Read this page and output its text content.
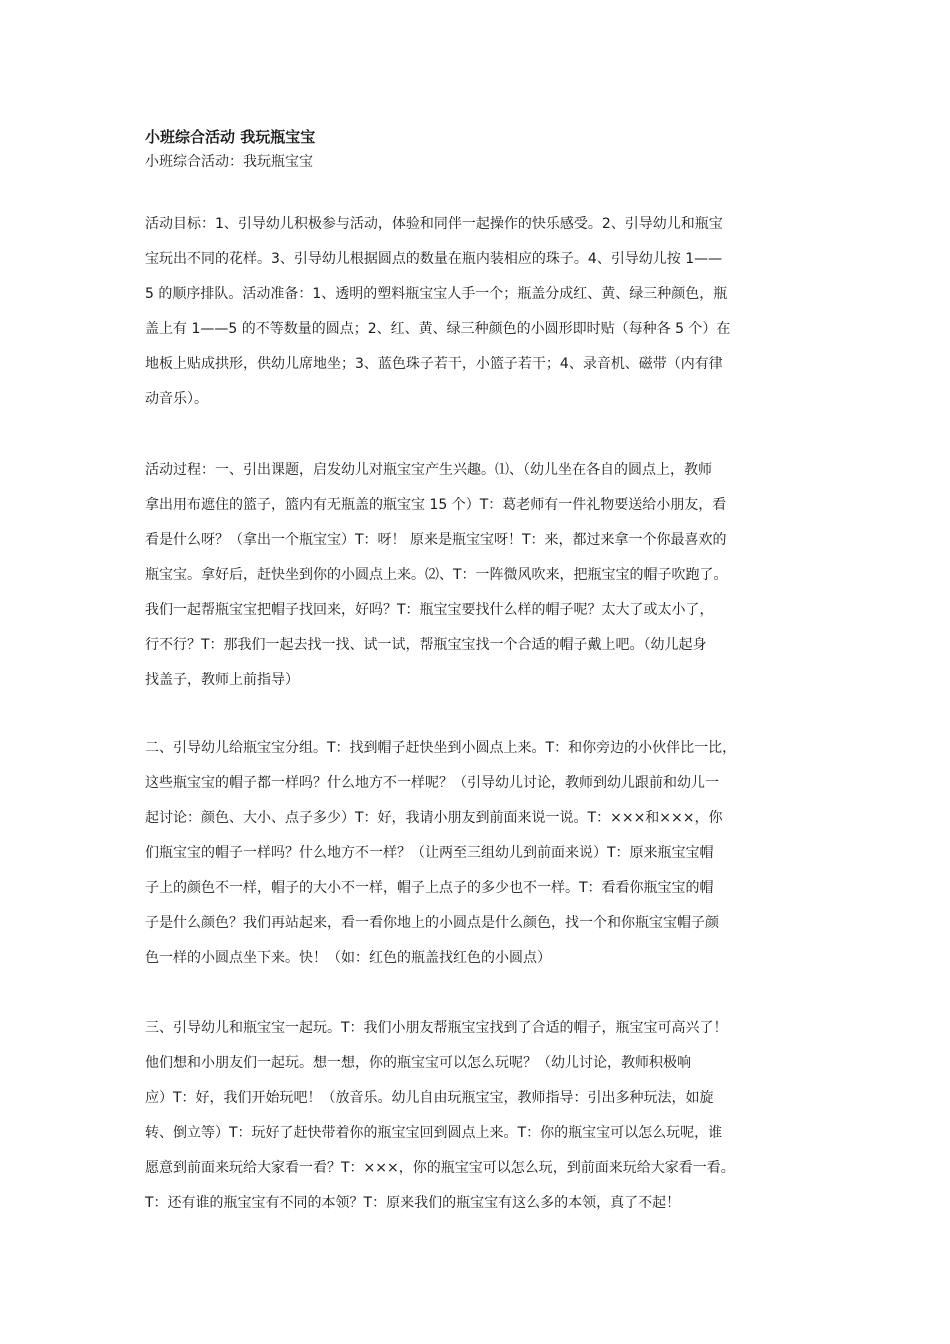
小班综合活动 我玩瓶宝宝
小班综合活动：我玩瓶宝宝
活动目标：1、引导幼儿积极参与活动，体验和同伴一起操作的快乐感受。2、引导幼儿和瓶宝
宝玩出不同的花样。3、引导幼儿根据圆点的数量在瓶内装相应的珠子。4、引导幼儿按 1——
5 的顺序排队。活动准备：1、透明的塑料瓶宝宝人手一个；瓶盖分成红、黄、绿三种颜色，瓶
盖上有 1——5 的不等数量的圆点；2、红、黄、绿三种颜色的小圆形即时贴（每种各 5 个）在
地板上贴成拱形，供幼儿席地坐；3、蓝色珠子若干，小篮子若干；4、录音机、磁带（内有律
动音乐）。
活动过程：一、引出课题，启发幼儿对瓶宝宝产生兴趣。⑴、（幼儿坐在各自的圆点上，教师
拿出用布遮住的篮子，篮内有无瓶盖的瓶宝宝 15 个）T：葛老师有一件礼物要送给小朋友，看
看是什么呀？（拿出一个瓶宝宝）T：呀！ 原来是瓶宝宝呀！T：来，都过来拿一个你最喜欢的
瓶宝宝。拿好后，赶快坐到你的小圆点上来。⑵、T：一阵微风吹来，把瓶宝宝的帽子吹跑了。
我们一起帮瓶宝宝把帽子找回来，好吗？T：瓶宝宝要找什么样的帽子呢？太大了或太小了，
行不行？T：那我们一起去找一找、试一试，帮瓶宝宝找一个合适的帽子戴上吧。（幼儿起身
找盖子，教师上前指导）
二、引导幼儿给瓶宝宝分组。T：找到帽子赶快坐到小圆点上来。T：和你旁边的小伙伴比一比，
这些瓶宝宝的帽子都一样吗？什么地方不一样呢？（引导幼儿讨论，教师到幼儿跟前和幼儿一
起讨论：颜色、大小、点子多少）T：好，我请小朋友到前面来说一说。T：×××和×××，你
们瓶宝宝的帽子一样吗？什么地方不一样？（让两至三组幼儿到前面来说）T：原来瓶宝宝帽
子上的颜色不一样，帽子的大小不一样，帽子上点子的多少也不一样。T：看看你瓶宝宝的帽
子是什么颜色？我们再站起来，看一看你地上的小圆点是什么颜色，找一个和你瓶宝宝帽子颜
色一样的小圆点坐下来。快！（如：红色的瓶盖找红色的小圆点）
三、引导幼儿和瓶宝宝一起玩。T：我们小朋友帮瓶宝宝找到了合适的帽子，瓶宝宝可高兴了！
他们想和小朋友们一起玩。想一想，你的瓶宝宝可以怎么玩呢？（幼儿讨论，教师积极响
应）T：好，我们开始玩吧！（放音乐。幼儿自由玩瓶宝宝，教师指导：引出多种玩法，如旋
转、倒立等）T：玩好了赶快带着你的瓶宝宝回到圆点上来。T：你的瓶宝宝可以怎么玩呢，谁
愿意到前面来玩给大家看一看？T：×××，你的瓶宝宝可以怎么玩，到前面来玩给大家看一看。
T：还有谁的瓶宝宝有不同的本领？T：原来我们的瓶宝宝有这么多的本领，真了不起！
